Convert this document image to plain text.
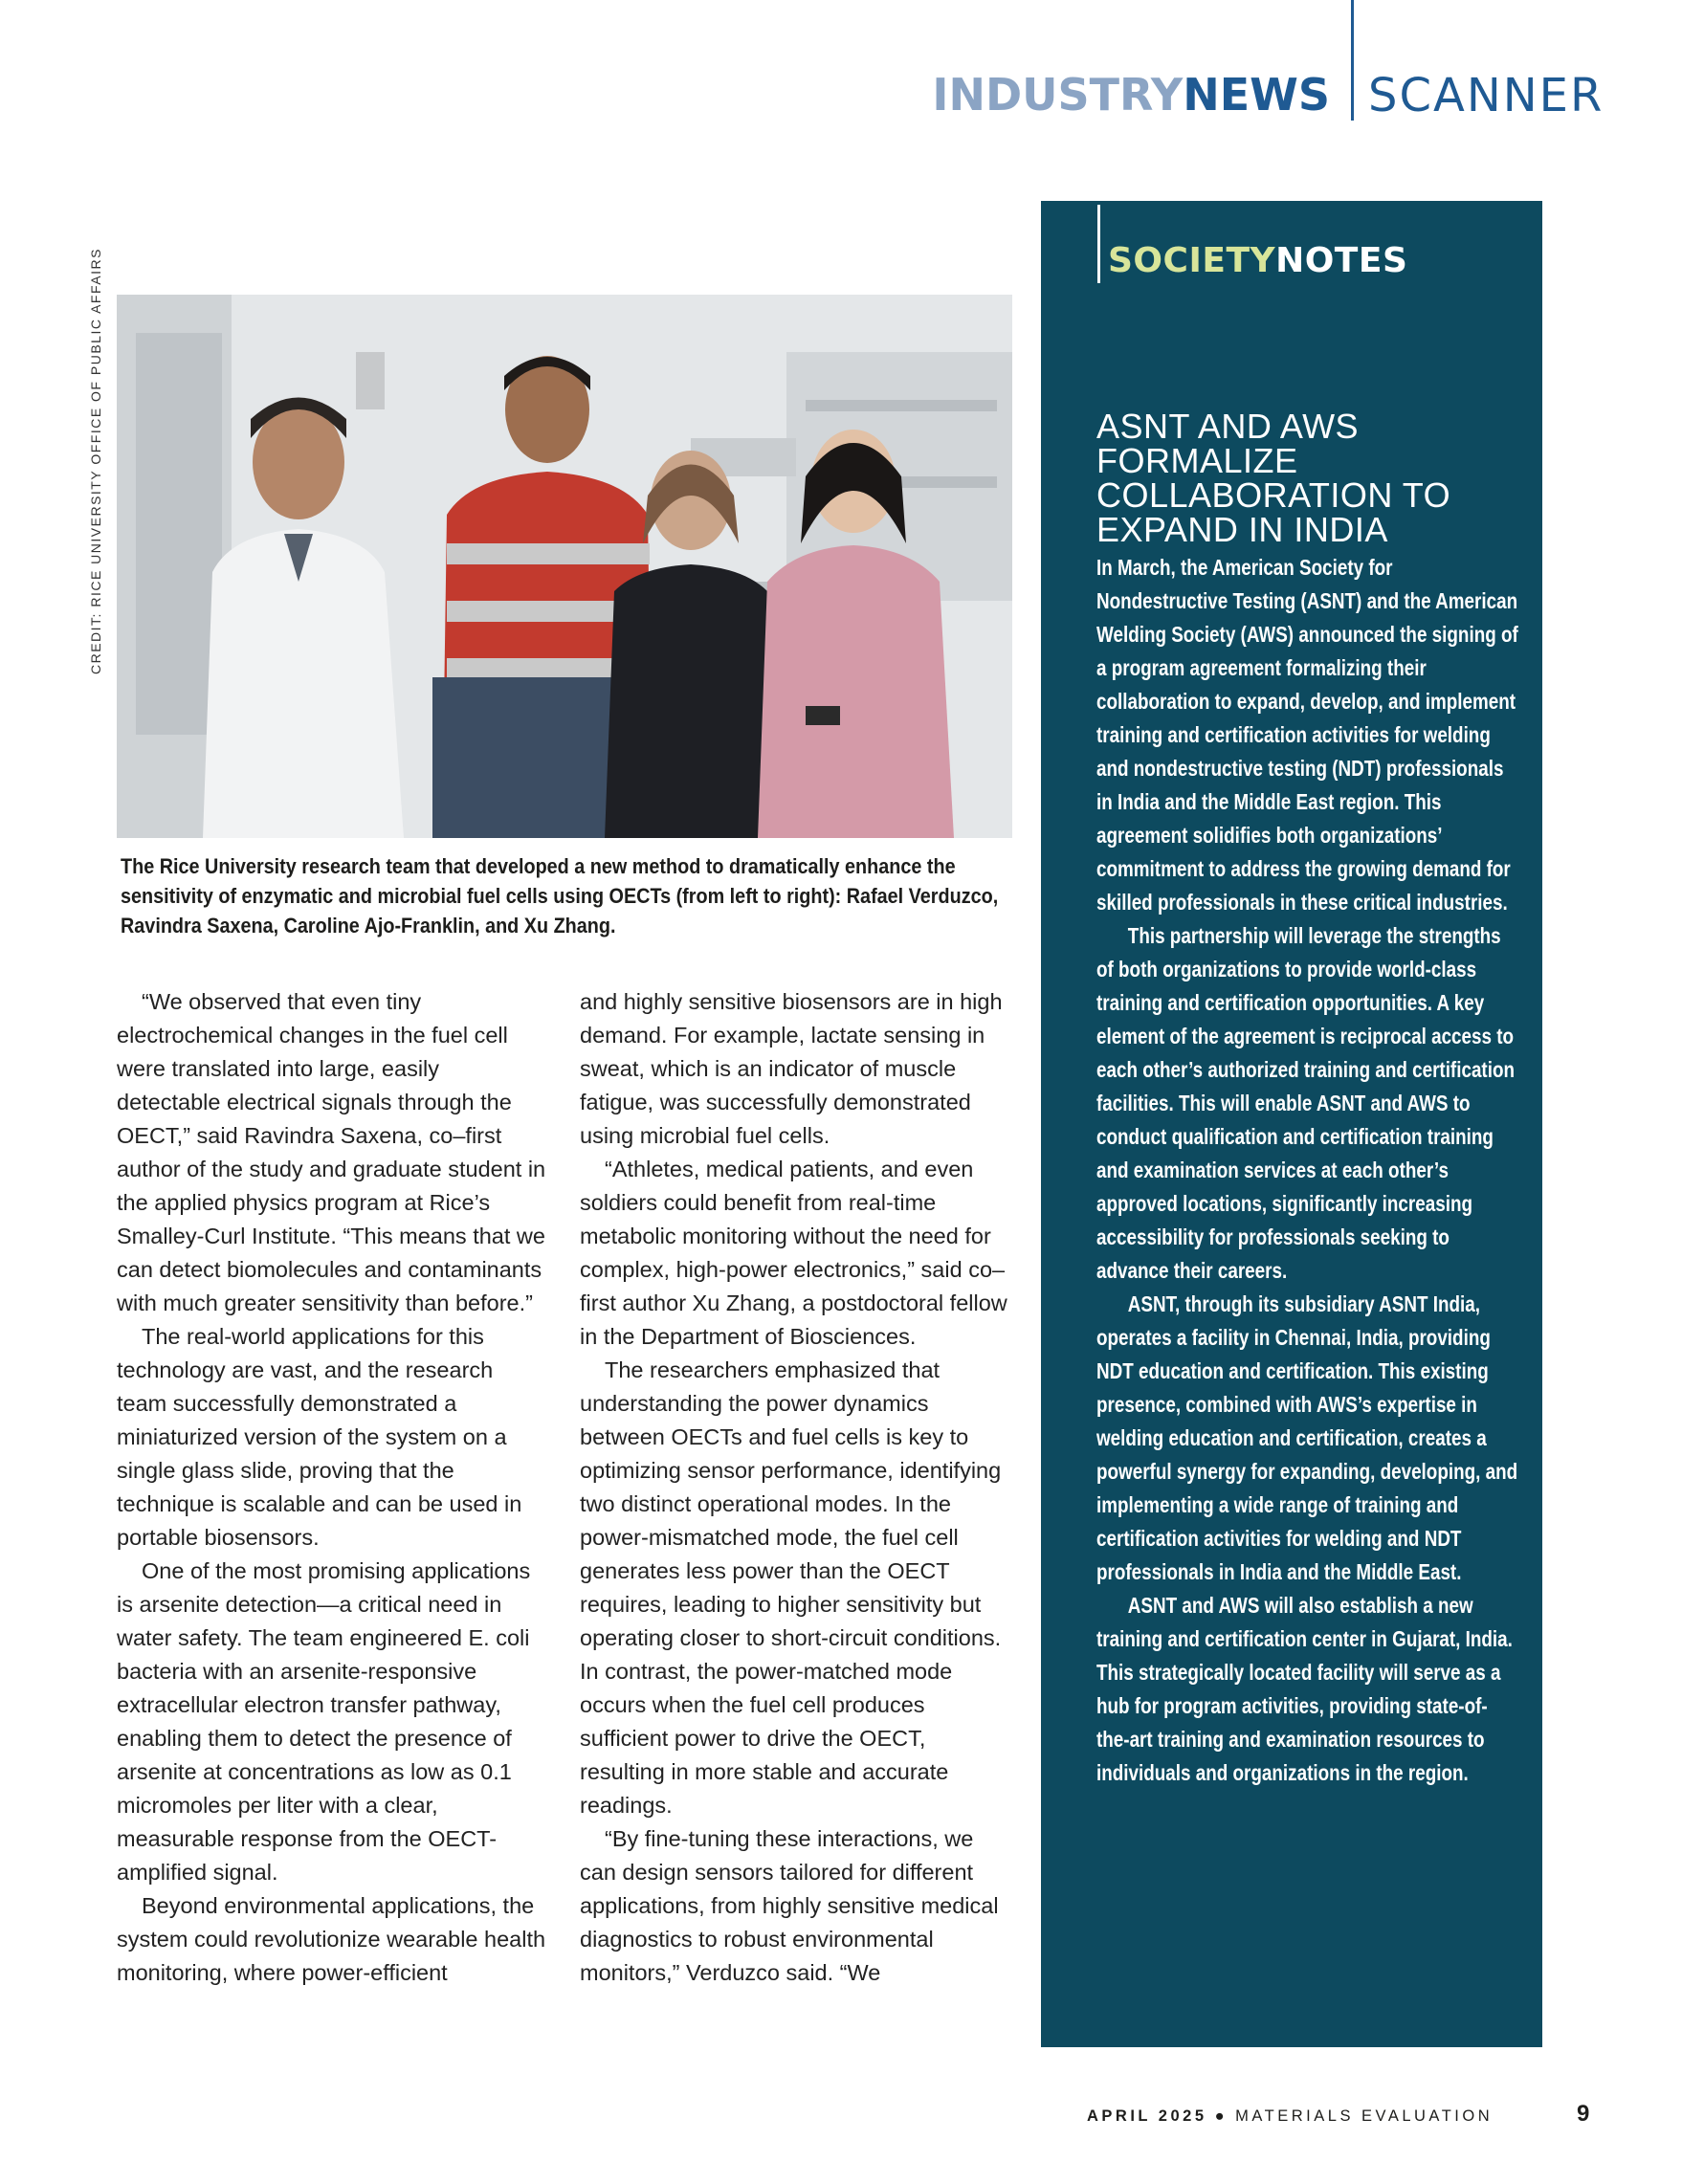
INDUSTRYNEWS SCANNER
CREDIT: RICE UNIVERSITY OFFICE OF PUBLIC AFFAIRS
The Rice University research team that developed a new method to dramatically enhance the sensitivity of enzymatic and microbial fuel cells using OECTs (from left to right): Rafael Verduzco, Ravindra Saxena, Caroline Ajo-Franklin, and Xu Zhang.

“We observed that even tiny electrochemical changes in the fuel cell were translated into large, easily detectable electrical signals through the OECT,” said Ravindra Saxena, co–first author of the study and graduate student in the applied physics program at Rice’s Smalley-Curl Institute. “This means that we can detect biomolecules and contaminants with much greater sensitivity than before.”

The real-world applications for this technology are vast, and the research team successfully demonstrated a miniaturized version of the system on a single glass slide, proving that the technique is scalable and can be used in portable biosensors.

One of the most promising applications is arsenite detection—a critical need in water safety. The team engineered E. coli bacteria with an arsenite-responsive extracellular electron transfer pathway, enabling them to detect the presence of arsenite at concentrations as low as 0.1 micromoles per liter with a clear, measurable response from the OECT-amplified signal.

Beyond environmental applications, the system could revolutionize wearable health monitoring, where power-efficient

and highly sensitive biosensors are in high demand. For example, lactate sensing in sweat, which is an indicator of muscle fatigue, was successfully demonstrated using microbial fuel cells.

“Athletes, medical patients, and even soldiers could benefit from real-time metabolic monitoring without the need for complex, high-power electronics,” said co–first author Xu Zhang, a postdoctoral fellow in the Department of Biosciences.

The researchers emphasized that understanding the power dynamics between OECTs and fuel cells is key to optimizing sensor performance, identifying two distinct operational modes. In the power-mismatched mode, the fuel cell generates less power than the OECT requires, leading to higher sensitivity but operating closer to short-circuit conditions. In contrast, the power-matched mode occurs when the fuel cell produces sufficient power to drive the OECT, resulting in more stable and accurate readings.

“By fine-tuning these interactions, we can design sensors tailored for different applications, from highly sensitive medical diagnostics to robust environmental monitors,” Verduzco said. “We

SOCIETYNOTES
ASNT AND AWS FORMALIZE COLLABORATION TO EXPAND IN INDIA

In March, the American Society for Nondestructive Testing (ASNT) and the American Welding Society (AWS) announced the signing of a program agreement formalizing their collaboration to expand, develop, and implement training and certification activities for welding and nondestructive testing (NDT) professionals in India and the Middle East region. This agreement solidifies both organizations’ commitment to address the growing demand for skilled professionals in these critical industries.

This partnership will leverage the strengths of both organizations to provide world-class training and certification opportunities. A key element of the agreement is reciprocal access to each other’s authorized training and certification facilities. This will enable ASNT and AWS to conduct qualification and certification training and examination services at each other’s approved locations, significantly increasing accessibility for professionals seeking to advance their careers.

ASNT, through its subsidiary ASNT India, operates a facility in Chennai, India, providing NDT education and certification. This existing presence, combined with AWS’s expertise in welding education and certification, creates a powerful synergy for expanding, developing, and implementing a wide range of training and certification activities for welding and NDT professionals in India and the Middle East.

ASNT and AWS will also establish a new training and certification center in Gujarat, India. This strategically located facility will serve as a hub for program activities, providing state-of-the-art training and examination resources to individuals and organizations in the region.

APRIL 2025 ● MATERIALS EVALUATION	9
